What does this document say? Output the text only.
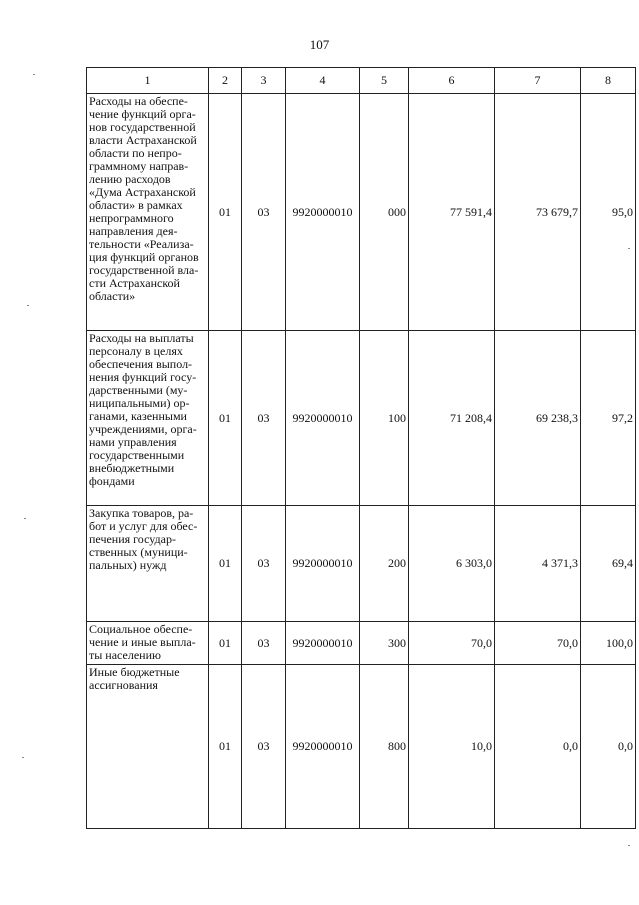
107
1	2	3	4	5	6	7	8
Расходы на обеспе-чение функций орга-нов государственной власти Астраханской области по непро-граммному направ-лению расходов «Дума Астраханской области» в рамках непрограммного направления дея-тельности «Реализа-ция функций органов государственной вла-сти Астраханской области»	01	03	9920000010	000	77 591,4	73 679,7	95,0
Расходы на выплаты персоналу в целях обеспечения выпол-нения функций госу-дарственными (му-ниципальными) ор-ганами, казенными учреждениями, орга-нами управления государственными внебюджетными фондами	01	03	9920000010	100	71 208,4	69 238,3	97,2
Закупка товаров, ра-бот и услуг для обес-печения государ-ственных (муници-пальных) нужд	01	03	9920000010	200	6 303,0	4 371,3	69,4
Социальное обеспе-чение и иные выпла-ты населению	01	03	9920000010	300	70,0	70,0	100,0
Иные бюджетные ассигнования	01	03	9920000010	800	10,0	0,0	0,0
